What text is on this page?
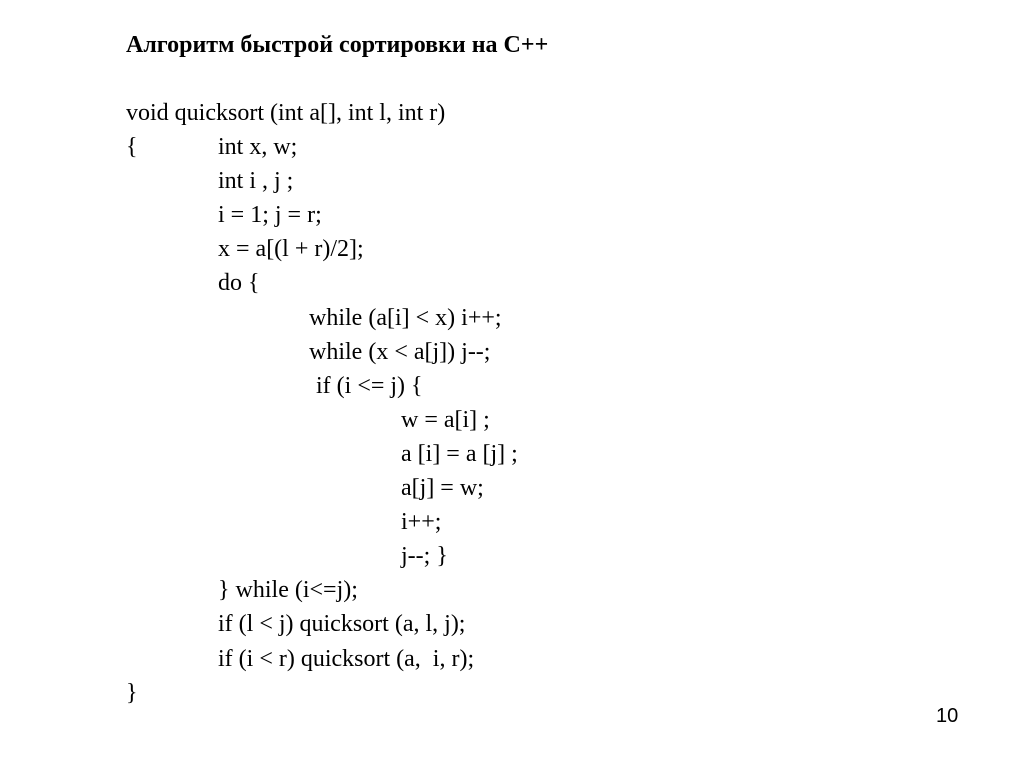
Алгоритм быстрой сортировки на С++

void quicksort (int a[], int l, int r)

{

	int x, w;

int i , j ;

i = 1; j = r;

x = a[(l + r)/2];

do {

while (a[i] < x) i++;

while (x < a[j]) j--;

if (i <= j) {

w = a[i] ;

a [i] = a [j] ;

a[j] = w;

i++;

j--; }

} while (i<=j);

if (l < j) quicksort (a, l, j);

if (i < r) quicksort (a,  i, r);

}

10
